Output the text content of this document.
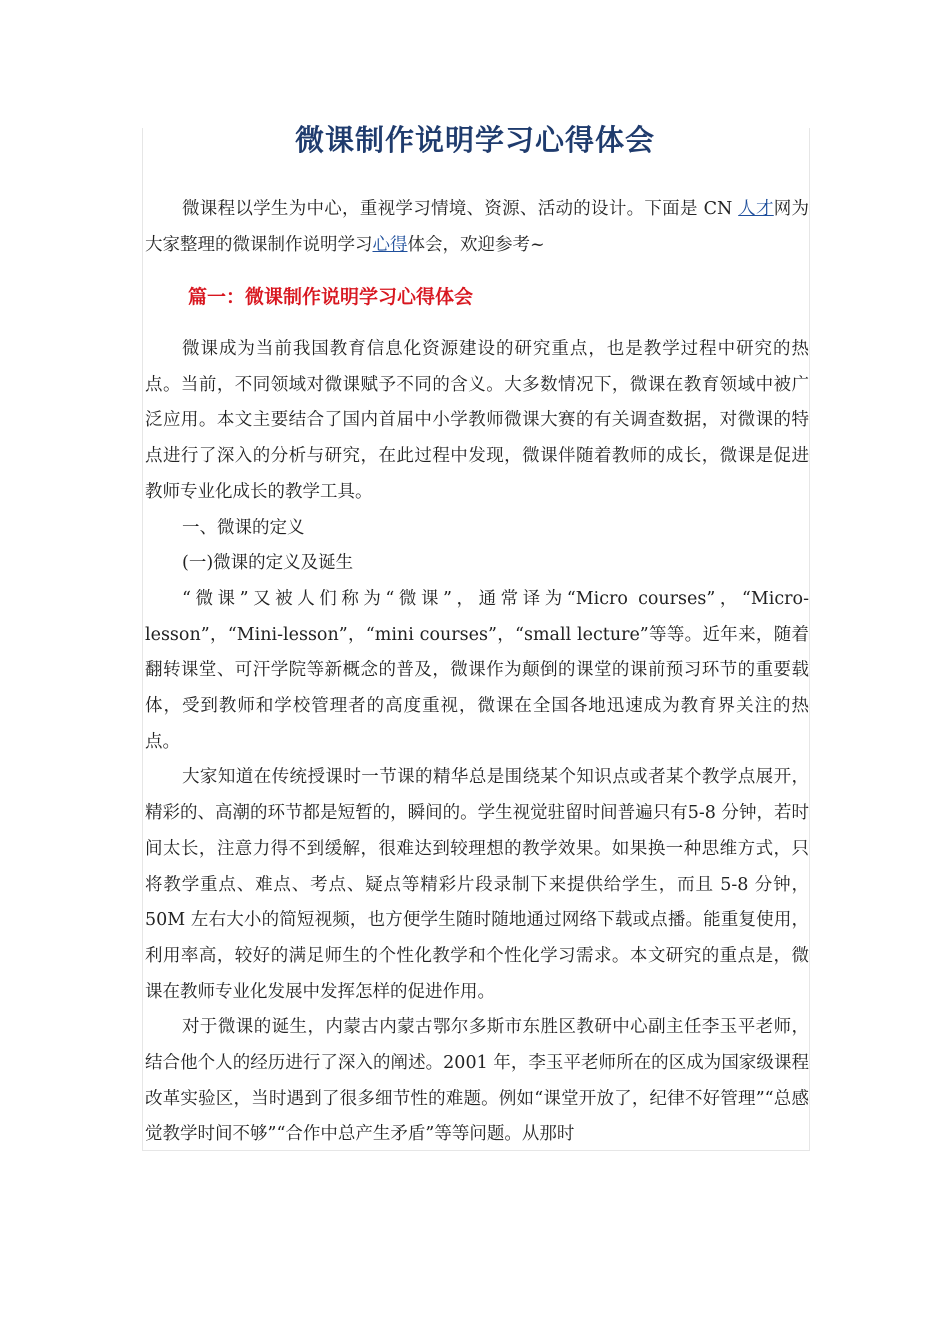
微课制作说明学习心得体会

微课程以学生为中心，重视学习情境、资源、活动的设计。下面是 CN 人才网为大家整理的微课制作说明学习心得体会，欢迎参考~

篇一：微课制作说明学习心得体会

微课成为当前我国教育信息化资源建设的研究重点，也是教学过程中研究的热点。当前，不同领域对微课赋予不同的含义。大多数情况下，微课在教育领域中被广泛应用。本文主要结合了国内首届中小学教师微课大赛的有关调查数据，对微课的特点进行了深入的分析与研究，在此过程中发现，微课伴随着教师的成长，微课是促进教师专业化成长的教学工具。

一、微课的定义

(一)微课的定义及诞生

“微课”又被人们称为“微课”，通常译为“Micro courses”，“Micro-lesson”，“Mini-lesson”，“mini courses”，“small lecture”等等。近年来，随着翻转课堂、可汗学院等新概念的普及，微课作为颠倒的课堂的课前预习环节的重要载体，受到教师和学校管理者的高度重视，微课在全国各地迅速成为教育界关注的热点。

大家知道在传统授课时一节课的精华总是围绕某个知识点或者某个教学点展开，精彩的、高潮的环节都是短暂的，瞬间的。学生视觉驻留时间普遍只有5-8 分钟，若时间太长，注意力得不到缓解，很难达到较理想的教学效果。如果换一种思维方式，只将教学重点、难点、考点、疑点等精彩片段录制下来提供给学生，而且 5-8 分钟，50M 左右大小的简短视频，也方便学生随时随地通过网络下载或点播。能重复使用，利用率高，较好的满足师生的个性化教学和个性化学习需求。本文研究的重点是，微课在教师专业化发展中发挥怎样的促进作用。

对于微课的诞生，内蒙古内蒙古鄂尔多斯市东胜区教研中心副主任李玉平老师，结合他个人的经历进行了深入的阐述。2001 年，李玉平老师所在的区成为国家级课程改革实验区，当时遇到了很多细节性的难题。例如“课堂开放了，纪律不好管理”“总感觉教学时间不够”“合作中总产生矛盾”等等问题。从那时
